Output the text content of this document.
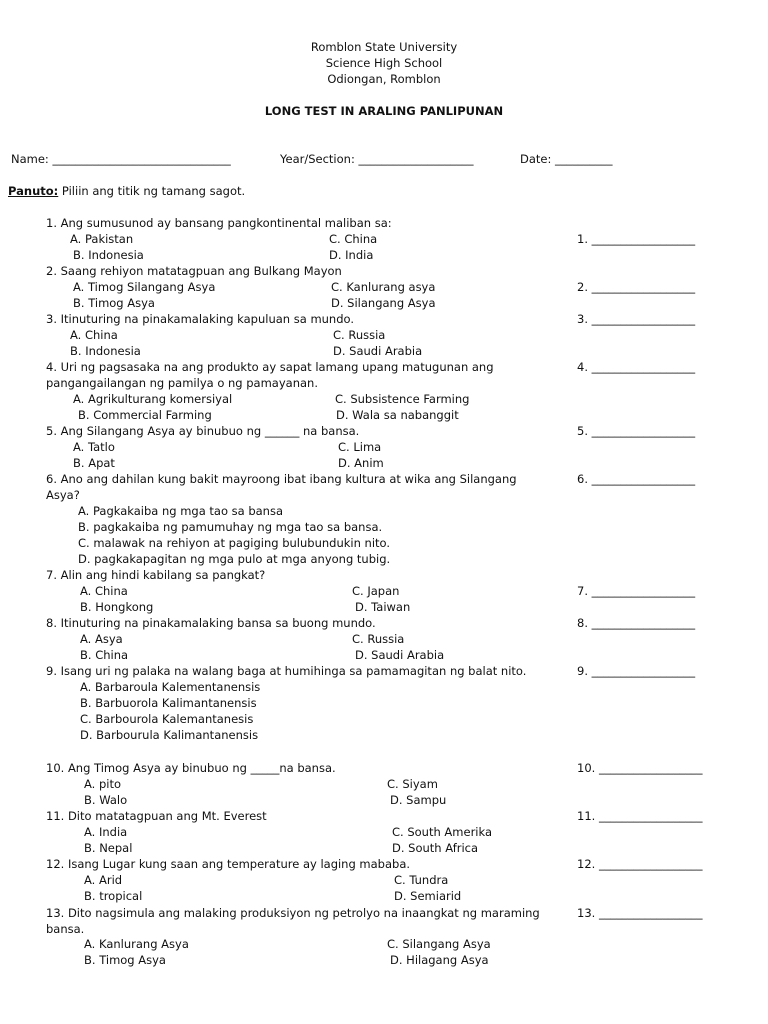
Romblon State University
Science High School
Odiongan, Romblon
LONG TEST IN ARALING PANLIPUNAN
Name: _______________________________	Year/Section: ____________________	Date: __________
Panuto: Piliin ang titik ng tamang sagot.
1. Ang sumusunod ay bansang pangkontinental maliban sa:
1. __________________
A. Pakistan	C. China
B. Indonesia	D. India
2. Saang rehiyon matatagpuan ang Bulkang Mayon
2. __________________
A. Timog Silangang Asya	C. Kanlurang asya
B. Timog Asya	D. Silangang Asya
3. Itinuturing na pinakamalaking kapuluan sa mundo.	3. __________________
A. China	C. Russia
B. Indonesia	D. Saudi Arabia
4. Uri ng pagsasaka na ang produkto ay sapat lamang upang matugunan ang	4. __________________
pangangailangan ng pamilya o ng pamayanan.
A. Agrikulturang komersiyal	C. Subsistence Farming
B. Commercial Farming	D. Wala sa nabanggit
5. Ang Silangang Asya ay binubuo ng ______ na bansa.	5. __________________
A. Tatlo	C. Lima
B. Apat	D. Anim
6. Ano ang dahilan kung bakit mayroong ibat ibang kultura at wika ang Silangang	6. __________________
Asya?
A. Pagkakaiba ng mga tao sa bansa
B. pagkakaiba ng pamumuhay ng mga tao sa bansa.
C. malawak na rehiyon at pagiging bulubundukin nito.
D. pagkakapagitan ng mga pulo at mga anyong tubig.
7. Alin ang hindi kabilang sa pangkat?
7. __________________
A. China	C. Japan
B. Hongkong	D. Taiwan
8. Itinuturing na pinakamalaking bansa sa buong mundo.	8. __________________
A. Asya	C. Russia
B. China	D. Saudi Arabia
9. Isang uri ng palaka na walang baga at humihinga sa pamamagitan ng balat nito.	9. __________________
A. Barbaroula Kalementanensis
B. Barbuorola Kalimantanensis
C. Barbourola Kalemantanesis
D. Barbourula Kalimantanensis
10. Ang Timog Asya ay binubuo ng _____na bansa.	10. __________________
A. pito	C. Siyam
B. Walo	D. Sampu
11. Dito matatagpuan ang Mt. Everest	11. __________________
A. India	C. South Amerika
B. Nepal	D. South Africa
12. Isang Lugar kung saan ang temperature ay laging mababa.	12. __________________
A. Arid	C. Tundra
B. tropical	D. Semiarid
13. Dito nagsimula ang malaking produksiyon ng petrolyo na inaangkat ng maraming	13. __________________
bansa.
A. Kanlurang Asya	C. Silangang Asya
B. Timog Asya	D. Hilagang Asya
